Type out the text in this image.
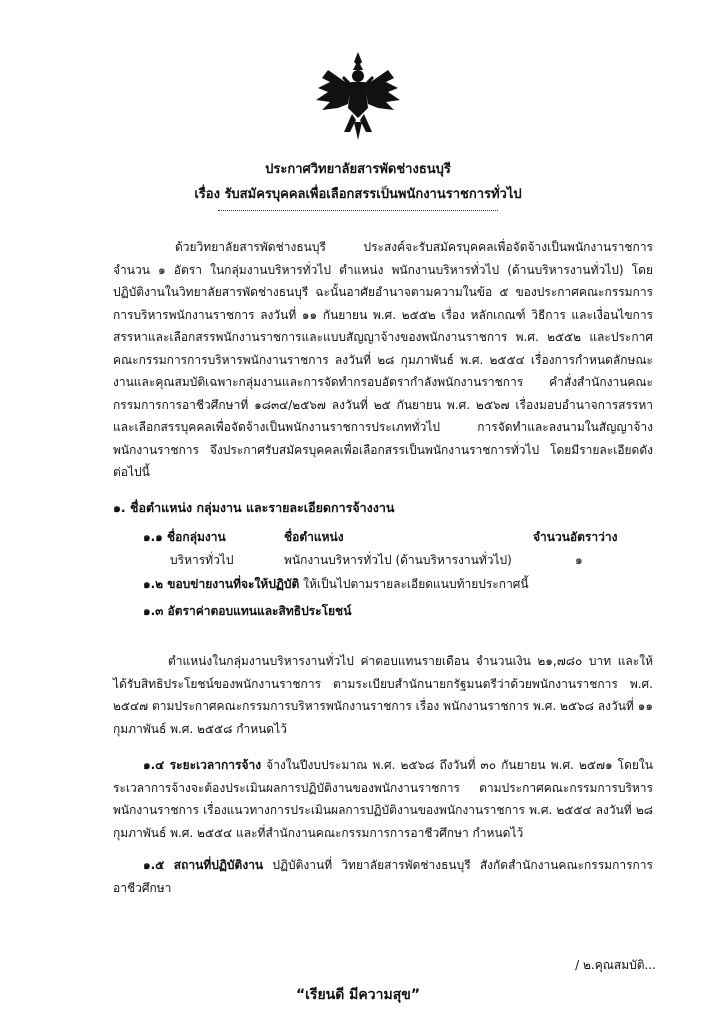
ประกาศวิทยาลัยสารพัดช่างธนบุรี
เรื่อง รับสมัครบุคคลเพื่อเลือกสรรเป็นพนักงานราชการทั่วไป
ด้วยวิทยาลัยสารพัดช่างธนบุรี ประสงค์จะรับสมัครบุคคลเพื่อจัดจ้างเป็นพนักงานราชการ จำนวน ๑ อัตรา ในกลุ่มงานบริหารทั่วไป ตำแหน่ง พนักงานบริหารทั่วไป (ด้านบริหารงานทั่วไป) โดยปฏิบัติงานในวิทยาลัยสารพัดช่างธนบุรี ฉะนั้นอาศัยอำนาจตามความในข้อ ๕ ของประกาศคณะกรรมการการบริหารพนักงานราชการ ลงวันที่ ๑๑ กันยายน พ.ศ. ๒๕๕๒ เรื่อง หลักเกณฑ์ วิธีการ และเงื่อนไขการสรรหาและเลือกสรรพนักงานราชการและแบบสัญญาจ้างของพนักงานราชการ พ.ศ. ๒๕๕๒ และประกาศคณะกรรมการการบริหารพนักงานราชการ ลงวันที่ ๒๘ กุมภาพันธ์ พ.ศ. ๒๕๕๔ เรื่องการกำหนดลักษณะงานและคุณสมบัติเฉพาะกลุ่มงานและการจัดทำกรอบอัตรากำลังพนักงานราชการ คำสั่งสำนักงานคณะกรรมการการอาชีวศึกษาที่ ๑๘๓๔/๒๕๖๗ ลงวันที่ ๒๕ กันยายน พ.ศ. ๒๕๖๗ เรื่องมอบอำนาจการสรรหาและเลือกสรรบุคคลเพื่อจัดจ้างเป็นพนักงานราชการประเภททั่วไป การจัดทำและลงนามในสัญญาจ้างพนักงานราชการ จึงประกาศรับสมัครบุคคลเพื่อเลือกสรรเป็นพนักงานราชการทั่วไป โดยมีรายละเอียดดังต่อไปนี้
๑. ชื่อตำแหน่ง กลุ่มงาน และรายละเอียดการจ้างงาน
๑.๑ ชื่อกลุ่มงาน	ชื่อตำแหน่ง	จำนวนอัตราว่าง
บริหารทั่วไป	พนักงานบริหารทั่วไป (ด้านบริหารงานทั่วไป)	๑
๑.๒ ขอบข่ายงานที่จะให้ปฏิบัติ ให้เป็นไปตามรายละเอียดแนบท้ายประกาศนี้
๑.๓ อัตราค่าตอบแทนและสิทธิประโยชน์
ตำแหน่งในกลุ่มงานบริหารงานทั่วไป ค่าตอบแทนรายเดือน จำนวนเงิน ๒๑,๗๘๐ บาท และให้ได้รับสิทธิประโยชน์ของพนักงานราชการ ตามระเบียบสำนักนายกรัฐมนตรีว่าด้วยพนักงานราชการ พ.ศ. ๒๕๔๗ ตามประกาศคณะกรรมการบริหารพนักงานราชการ เรื่อง พนักงานราชการ พ.ศ. ๒๕๖๘ ลงวันที่ ๑๑ กุมภาพันธ์ พ.ศ. ๒๕๕๘ กำหนดไว้
๑.๔ ระยะเวลาการจ้าง จ้างในปีงบประมาณ พ.ศ. ๒๕๖๘ ถึงวันที่ ๓๐ กันยายน พ.ศ. ๒๕๗๑ โดยในระเวลาการจ้างจะต้องประเมินผลการปฏิบัติงานของพนักงานราชการ ตามประกาศคณะกรรมการบริหารพนักงานราชการ เรื่องแนวทางการประเมินผลการปฏิบัติงานของพนักงานราชการ พ.ศ. ๒๕๕๔ ลงวันที่ ๒๘ กุมภาพันธ์ พ.ศ. ๒๕๕๔ และที่สำนักงานคณะกรรมการการอาชีวศึกษา กำหนดไว้
๑.๕ สถานที่ปฏิบัติงาน ปฏิบัติงานที่ วิทยาลัยสารพัดช่างธนบุรี สังกัดสำนักงานคณะกรรมการการอาชีวศึกษา
/ ๒.คุณสมบัติ...
“เรียนดี มีความสุข”
